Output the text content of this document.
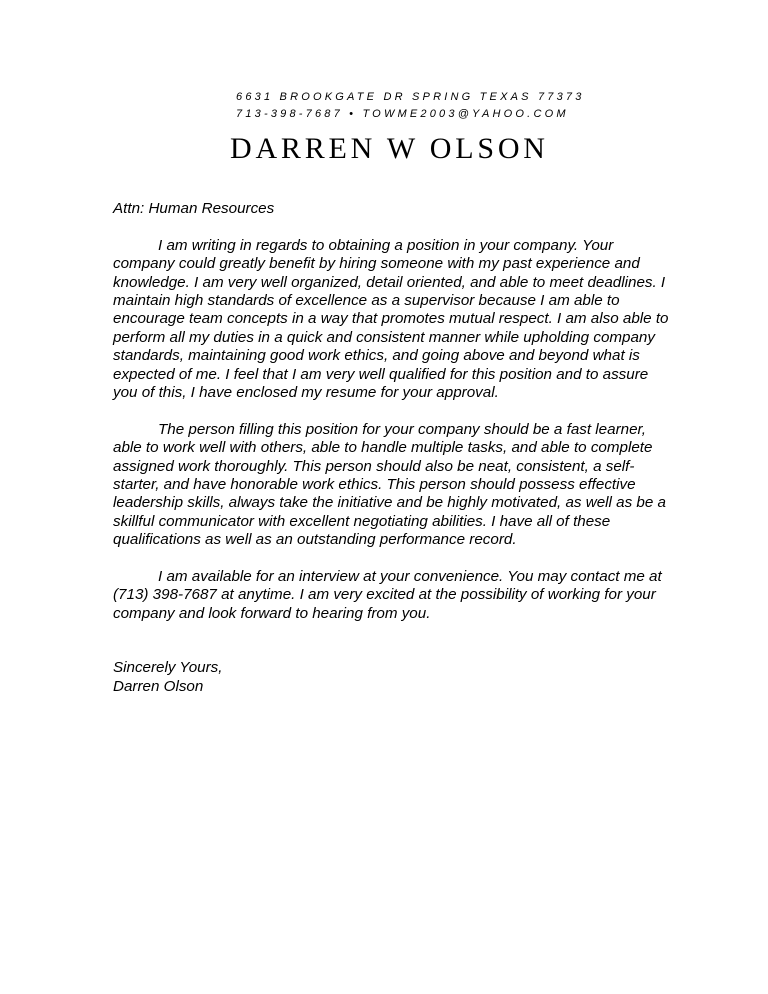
6631 BROOKGATE DR SPRING TEXAS 77373
713-398-7687 • TOWME2003@YAHOO.COM
DARREN W OLSON

Attn: Human Resources

I am writing in regards to obtaining a position in your company. Your company could greatly benefit by hiring someone with my past experience and knowledge. I am very well organized, detail oriented, and able to meet deadlines. I maintain high standards of excellence as a supervisor because I am able to encourage team concepts in a way that promotes mutual respect. I am also able to perform all my duties in a quick and consistent manner while upholding company standards, maintaining good work ethics, and going above and beyond what is expected of me. I feel that I am very well qualified for this position and to assure you of this, I have enclosed my resume for your approval.

The person filling this position for your company should be a fast learner, able to work well with others, able to handle multiple tasks, and able to complete assigned work thoroughly. This person should also be neat, consistent, a self-starter, and have honorable work ethics. This person should possess effective leadership skills, always take the initiative and be highly motivated, as well as be a skillful communicator with excellent negotiating abilities. I have all of these qualifications as well as an outstanding performance record.

I am available for an interview at your convenience. You may contact me at (713) 398-7687 at anytime. I am very excited at the possibility of working for your company and look forward to hearing from you.

Sincerely Yours,

Darren Olson
